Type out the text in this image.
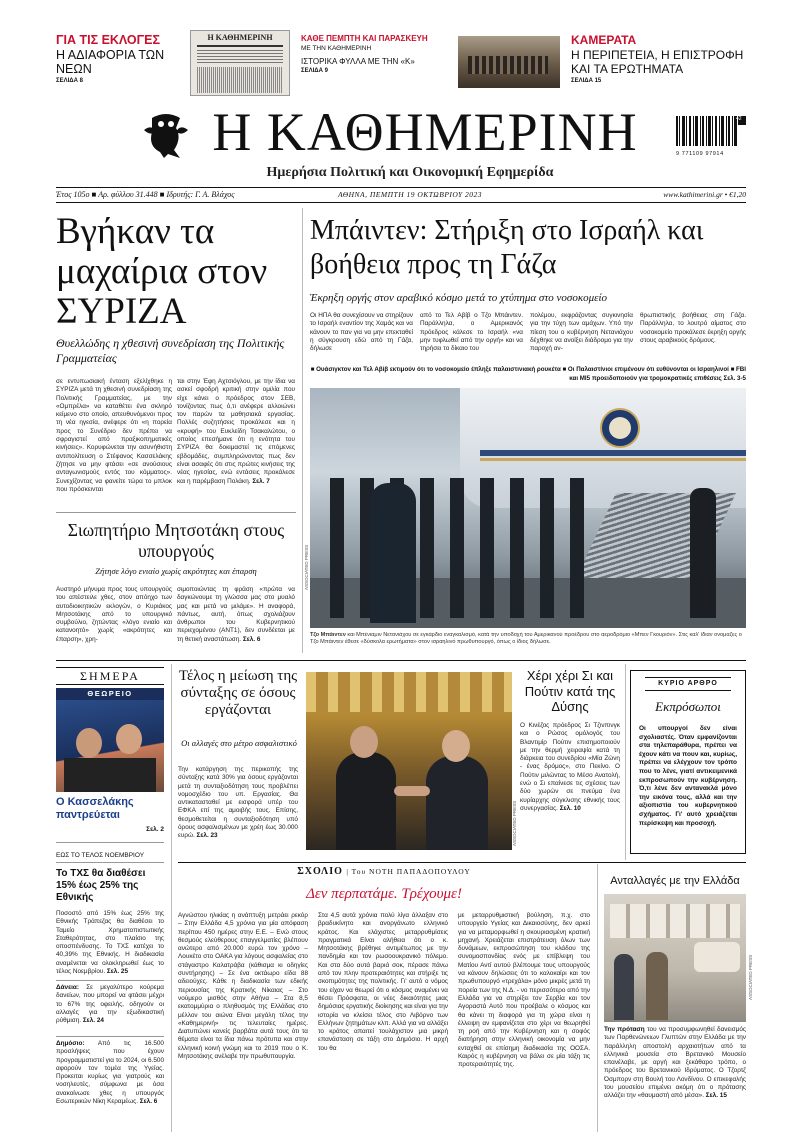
ΓΙΑ ΤΙΣ ΕΚΛΟΓΕΣ
Η ΑΔΙΑΦΟΡΙΑ ΤΩΝ ΝΕΩΝ
ΣΕΛΙΔΑ 8
Η ΚΑΘΗΜΕΡΙΝΗ	ΚΑΘΕ ΠΕΜΠΤΗ ΚΑΙ ΠΑΡΑΣΚΕΥΗ
ΜΕ ΤΗΝ ΚΑΘΗΜΕΡΙΝΗ
ΙΣΤΟΡΙΚΑ ΦΥΛΛΑ ΜΕ ΤΗΝ «Κ»
ΣΕΛΙΔΑ 9
ΚΑΜΕΡΑΤΑ
Η ΠΕΡΙΠΕΤΕΙΑ, Η ΕΠΙΣΤΡΟΦΗ ΚΑΙ ΤΑ ΕΡΩΤΗΜΑΤΑ
ΣΕΛΙΔΑ 15
Η ΚΑΘΗΜΕΡΙΝΗ
Ημερήσια Πολιτική και Οικονομική Εφημερίδα
42
9 771109 97914
Έτος 105ο ■ Αρ. φύλλου 31.448 ■ Ιδρυτής: Γ. Α. Βλάχος	ΑΘΗΝΑ, ΠΕΜΠΤΗ 19 ΟΚΤΩΒΡΙΟΥ 2023	www.kathimerini.gr • €1,20
Βγήκαν τα μαχαίρια στον ΣΥΡΙΖΑ
Θυελλώδης η χθεσινή συνεδρίαση της Πολιτικής Γραμματείας
σε εντυπωσιακή ένταση εξελίχθηκε η ΣΥΡΙΖΑ μετά τη χθεσινή συνεδρίαση της Πολιτικής Γραμματείας, με την «Ομπρέλα» να καταθέτει ένα σκληρό κείμενο στο οποίο, απευθυνόμενοι προς τη νέα ηγεσία, ανέφερε ότι «η πορεία προς το Συνέδριο δεν πρέπει να σφραγιστεί από πραξικοπηματικές κινήσεις». Κορυφώνεται την ασυνήθιστη αντιπολίτευση ο Στέφανος Κασσελάκης ζήτησε να μην φτάσει «σε ανούσιους ανταγωνισμούς εντός του κόμματος». Συνεχίζοντας να φανείτε τώρα το μπλοκ που πρόσκεινται
ται στην Έφη Αχτσιόγλου, με την ίδια να ασκεί σφοδρή κριτική στην ομιλία που είχε κάνει ο πρόεδρος στον ΣΕΒ, τονίζοντας πως ό,τι ανέφερε αλλοιώνει τον παρών τα μαθησιακά εργασίας. Πολλές συζητήσεις προκάλεσε και η «κρυφή» του Ευκλείδη Τσακαλώτου, ο οποίος επεσήμανε ότι η ενότητα του ΣΥΡΙΖΑ θα δοκιμαστεί τις επόμενες εβδομάδες, συμπληρώνοντας πως δεν είναι ασαφές ότι στις πρώτες κινήσεις της νέας ηγεσίας, ενώ εντάσεις προκάλεσε και η παρέμβαση Πολάκη. Σελ. 7
Σιωπητήριο Μητσοτάκη στους υπουργούς
Ζήτησε λόγο ενιαίο χωρίς ακρότητες και έπαρση
Αυστηρό μήνυμα προς τους υπουργούς του απέστειλε χθες, στον απόηχο των αυτοδιοικητικών εκλογών, ο Κυριάκος Μητσοτάκης από το υπουργικό συμβούλιο, ζητώντας «λόγο ενιαίο και κατανοητό» χωρίς «ακρότητες και έπαρση», χρη-
σιμοποιώντας τη φράση «πρώτα να δαγκώνουμε τη γλώσσα μας στο μυαλό μας και μετά να μιλάμε». Η αναφορά, πάντως, αυτή, όπως σχολιάζουν άνθρωποι του Κυβερνητικού περιεχομένου (ΑΝΤ1), δεν συνδέεται με τη θετική αναστάτωση. Σελ. 6
Μπάιντεν: Στήριξη στο Ισραήλ και βοήθεια προς τη Γάζα
Έκρηξη οργής στον αραβικό κόσμο μετά το χτύπημα στο νοσοκομείο
Οι ΗΠΑ θα συνεχίσουν να στηρίζουν το Ισραήλ εναντίον της Χαμάς και να κάνουν το παν για να μην επεκταθεί η σύγκρουση εδώ από τη Γάζα, δήλωσε
από το Τελ Αβίβ ο Τζο Μπάιντεν. Παράλληλα, ο Αμερικανός πρόεδρος κάλεσε το Ισραήλ «να μην τυφλωθεί από την οργή» και να τηρήσει το δίκαιο του
πολέμου, εκφράζοντας συγκινησία για την τύχη των αμάχων. Υπό την πίεση του ο κυβέρνηση Νετανιάχου δέχθηκε να ανοίξει διάδρομο για την παροχή αν-
θρωπιστικής βοήθειας στη Γάζα. Παράλληλα, το λουτρό αίματος στο νοσοκομείο προκάλεσε έκρηξη οργής στους αραβικούς δρόμους.
■ Ουάσιγκτον και Τελ Αβίβ εκτιμούν ότι το νοσοκομείο έπληξε παλαιστινιακή ρουκέτα ■ Οι Παλαιστίνιοι επιμένουν ότι ευθύνονται οι Ισραηλινοί ■ FBI και MI5 προειδοποιούν για τρομοκρατικές επιθέσεις Σελ. 3-5
ASSOCIATED PRESS
Τζο Μπάιντεν και Μπένιαμιν Νετανιάχου σε εγκάρδιο εναγκαλισμό, κατά την υποδοχή του Αμερικανού προέδρου στο αεροδρόμιο «Μπεν Γκουριόν». Στις καλ' ίδιαν ονομαζες ο Τζο Μπάιντεν έθεσε «δύσκολα ερωτήματα» στον ισραηλινό πρωθυπουργό, όπως ο ίδιος δήλωσε.
ΣΗΜΕΡΑ
ΘΕΩΡΕΙΟ
Ο Κασσελάκης παντρεύεται
Σελ. 2
ΕΩΣ ΤΟ ΤΕΛΟΣ ΝΟΕΜΒΡΙΟΥ
Το ΤΧΣ θα διαθέσει 15% έως 25% της Εθνικής
Ποσοστό από 15% έως 25% της Εθνικής Τράπεζας θα διαθέσει το Ταμείο Χρηματοπιστωτικής Σταθερότητας, στο πλαίσιο της οποσπένδυσης. Το ΤΧΣ κατέχει το 40,39% της Εθνικής. Η διαδικασία αναμένεται να ολοκληρωθεί έως το τέλος Νοεμβρίου. Σελ. 25
Δάνεια: Σε μεγαλύτερο κούρεμα δανείων, που μπορεί να φτάσει μέχρι το 67% της οφειλής, οδηγούν οι αλλαγές για την εξωδικαστική ρύθμιση. Σελ. 24
Δημόσιο: Από τις 16.500 προσλήψεις που έχουν προγραμματιστεί για το 2024, οι 6.500 αφορούν τον τομέα της Υγείας. Προκειται κυρίως για γιατρούς και νοσηλευτές, σύμφωνα με όσα ανακοίνωσε χθες η υπουργός Εσωτερικών Νίκη Κεραμέως. Σελ. 6
Τέλος η μείωση της σύνταξης σε όσους εργάζονται
Οι αλλαγές στο μέτρο ασφαλιστικό
Την κατάργηση της περικοπής της σύνταξης κατά 30% για όσους εργάζονται μετά τη συνταξιοδότηση τους προβλέπει νομοσχέδιο του υπ. Εργασίας. Θα αντικατασταθεί με εισφορά υπέρ του ΕΦΚΑ επί της αμοιβής τους. Επίσης, θεσμοθετείται η συνταξιοδότηση υπό όρους ασφαλισμένων με χρέη έως 30.000 ευρώ. Σελ. 23	ASSOCIATED PRESS
Χέρι χέρι Σι και Πούτιν κατά της Δύσης
Ο Κινέζος πρόεδρος Σι Τζινπινγκ και ο Ρώσος ομόλογός του Βλαντιμίρ Πούτιν επισημοποιούν με την θερμή χειραψία κατά τη διάρκεια του συνεδρίου «Μία Ζώνη - ένας δρόμος», στο Πεκίνο. Ο Πούτιν μιλώντας το Μέσο Ανατολή, ενώ ο Σι επαίνεσε τις σχέσεις των δύο χωρών σε πνεύμα ένα κυρίαρχης σύγκλισης εθνικής τους συνεργασίας. Σελ. 10
ΚΥΡΙΟ ΑΡΘΡΟ
Εκπρόσωποι
Οι υπουργοί δεν είναι σχολιαστές. Όταν εμφανίζονται στα τηλεπαράθυρα, πρέπει να έχουν κάτι να πουν και, κυρίως, πρέπει να ελέγχουν τον τρόπο που το λένε, γιατί αντικειμενικά εκπροσωπούν την κυβέρνηση. Ό,τι λένε δεν αντανακλά μόνο την εικόνα τους, αλλά και την αξιοπιστία του κυβερνητικού σχήματος. Γι' αυτό χρειάζεται περίσκεψη και προσοχή.
ΣΧΟΛΙΟ | Του ΝΟΤΗ ΠΑΠΑΔΟΠΟΥΛΟΥ
Δεν περπατάμε. Τρέχουμε!
Αγνώστου ηλικίας η ανάπτυξη μετράει ρεκόρ – Στην Ελλάδα 4,5 χρόνια για μία απόφαση περίπου 450 ημέρες στην Ε.Ε. – Ενώ στους θεσμούς ελεύθερους επαγγελματίες βλέπουν ανώτερο από 20.000 ευρώ τον χρόνο – Λουκέτο στο ΟΑΚΑ για λόγους ασφαλείας στο στάγαστρο Καλατράβα (κάθισμα κι οδηγίες συντήρησης) – Σε ένα οκτάωρο είδα 88 αδειούχες. Κάθε η διαδικασία των εδικής περιουσίας της Κρατικής Νίκαιας – Στο νούμερο μισθός στην Αθήνα – Στα 8,5 εκατομμύρια ο πληθυσμός της Ελλάδας στο μέλλον του αιώνα Είναι μεγάλη τέλος την «Καθημερινή» τις τελευταίες ημέρες. Διατυπώνει κανείς βαρβάτα αυτά τους ότι τα θέματα είναι τα ίδια πάνω πρότυπα και στην ελληνική κοινή γνώμη και το 2019 που ο Κ. Μητσοτάκης ανέλαβε την πρωθυπουργία.
Στα 4,5 αυτά χρόνια πολύ λίγα άλλαξαν στο βραδυκίνητο και ανοργάνωτο ελληνικό κράτος. Και ελάχιστες μεταρρυθμίσεις πραγματικά Είναι αλήθεια ότι ο κ. Μητσοτάκης βρέθηκε αντιμέτωπος με την πανδημία και τον ρωσοουκρανικό πόλεμο. Και στα δύο αυτά βαριά σοκ, πέρασε πάνω από τον πλην προτεραιότητες και στήριξε τις σκοπιμότητες της πολιτικής. Γι' αυτό ο νόμος του είχαν να θεωρεί ότι ο κόσμος αναμένει να θέσει Πρόσφατα, οι νέες δικαιότητες μιας δημόσιας εργατικής διοίκησης και είναι για την ιστορία να κλείσει τέλος στο Λιβόρνο των Ελλήνων ζητημάτων κλπ. Αλλά για να αλλάξει το κράτος απαιτεί τουλάχιστον μια μικρή επανάσταση σε τάξη στο Δημόσιο. Η αρχή του θα
με μεταρρυθμιστική βούληση, π.χ. στο υπουργείο Υγείας και Δικαιοσύνης, δεν αρκεί για να μεταμορφωθεί η σκουριασμένη κρατική μηχανή. Χρειάζεται επιστράτευση όλων των δυνάμεων, εκπροσώπηση του κλάδου της συνομοσπονδίας ενός με επίβλεψη του Ματίου Αντί αυτού βλέπουμε τους υπουργούς να κάνουν δηλώσεις ότι το καλοκαίρι και τον πρωθυπουργό «τρεχάλα» μόνο μικρές μετά τη πορεία των της Ν.Δ. - νο περισσότερο από την Ελλάδα για να στηρίξει τον Σερβία και τον Αγοραστά Αυτό που προέβαλε ο κόσμος και θα κάνει τη διαφορά για τη χώρα είναι η έλλειψη αν εμφανίζεται στο χέρι να θεωρηθεί τη ροή από την Κυβέρνηση και η σοφός διατήρηση στην ελληνική οικονομία να μην ενταχθεί σε επίσημη διαδικασία της ΟΟΣΑ. Καιρός η κυβέρνηση να βάλει σε μία τάξη τις προτεραιότητές της.
Ανταλλαγές με την Ελλάδα
ASSOCIATED PRESS
Την πρόταση του να προσυμφωνηθεί δανεισμός των Παρθενώνειων Γλυπτών στην Ελλάδα με την παράλληλη αποστολή αρχαιοτήτων από τα ελληνικά μουσεία στο Βρετανικό Μουσείο επανέλαβε, με αργή και ξεκάθαρο τρόπο, ο πρόεδρος του Βρετανικού Ιδρύματος. Ο Τζορτζ Όσμπορν στη Βουλή του Λονδίνου. Ο επικεφαλής του μουσείου επιμένει ακόμη ότι ο πρότασης αλλάζει την «θαυμαστή από μέσα». Σελ. 15
